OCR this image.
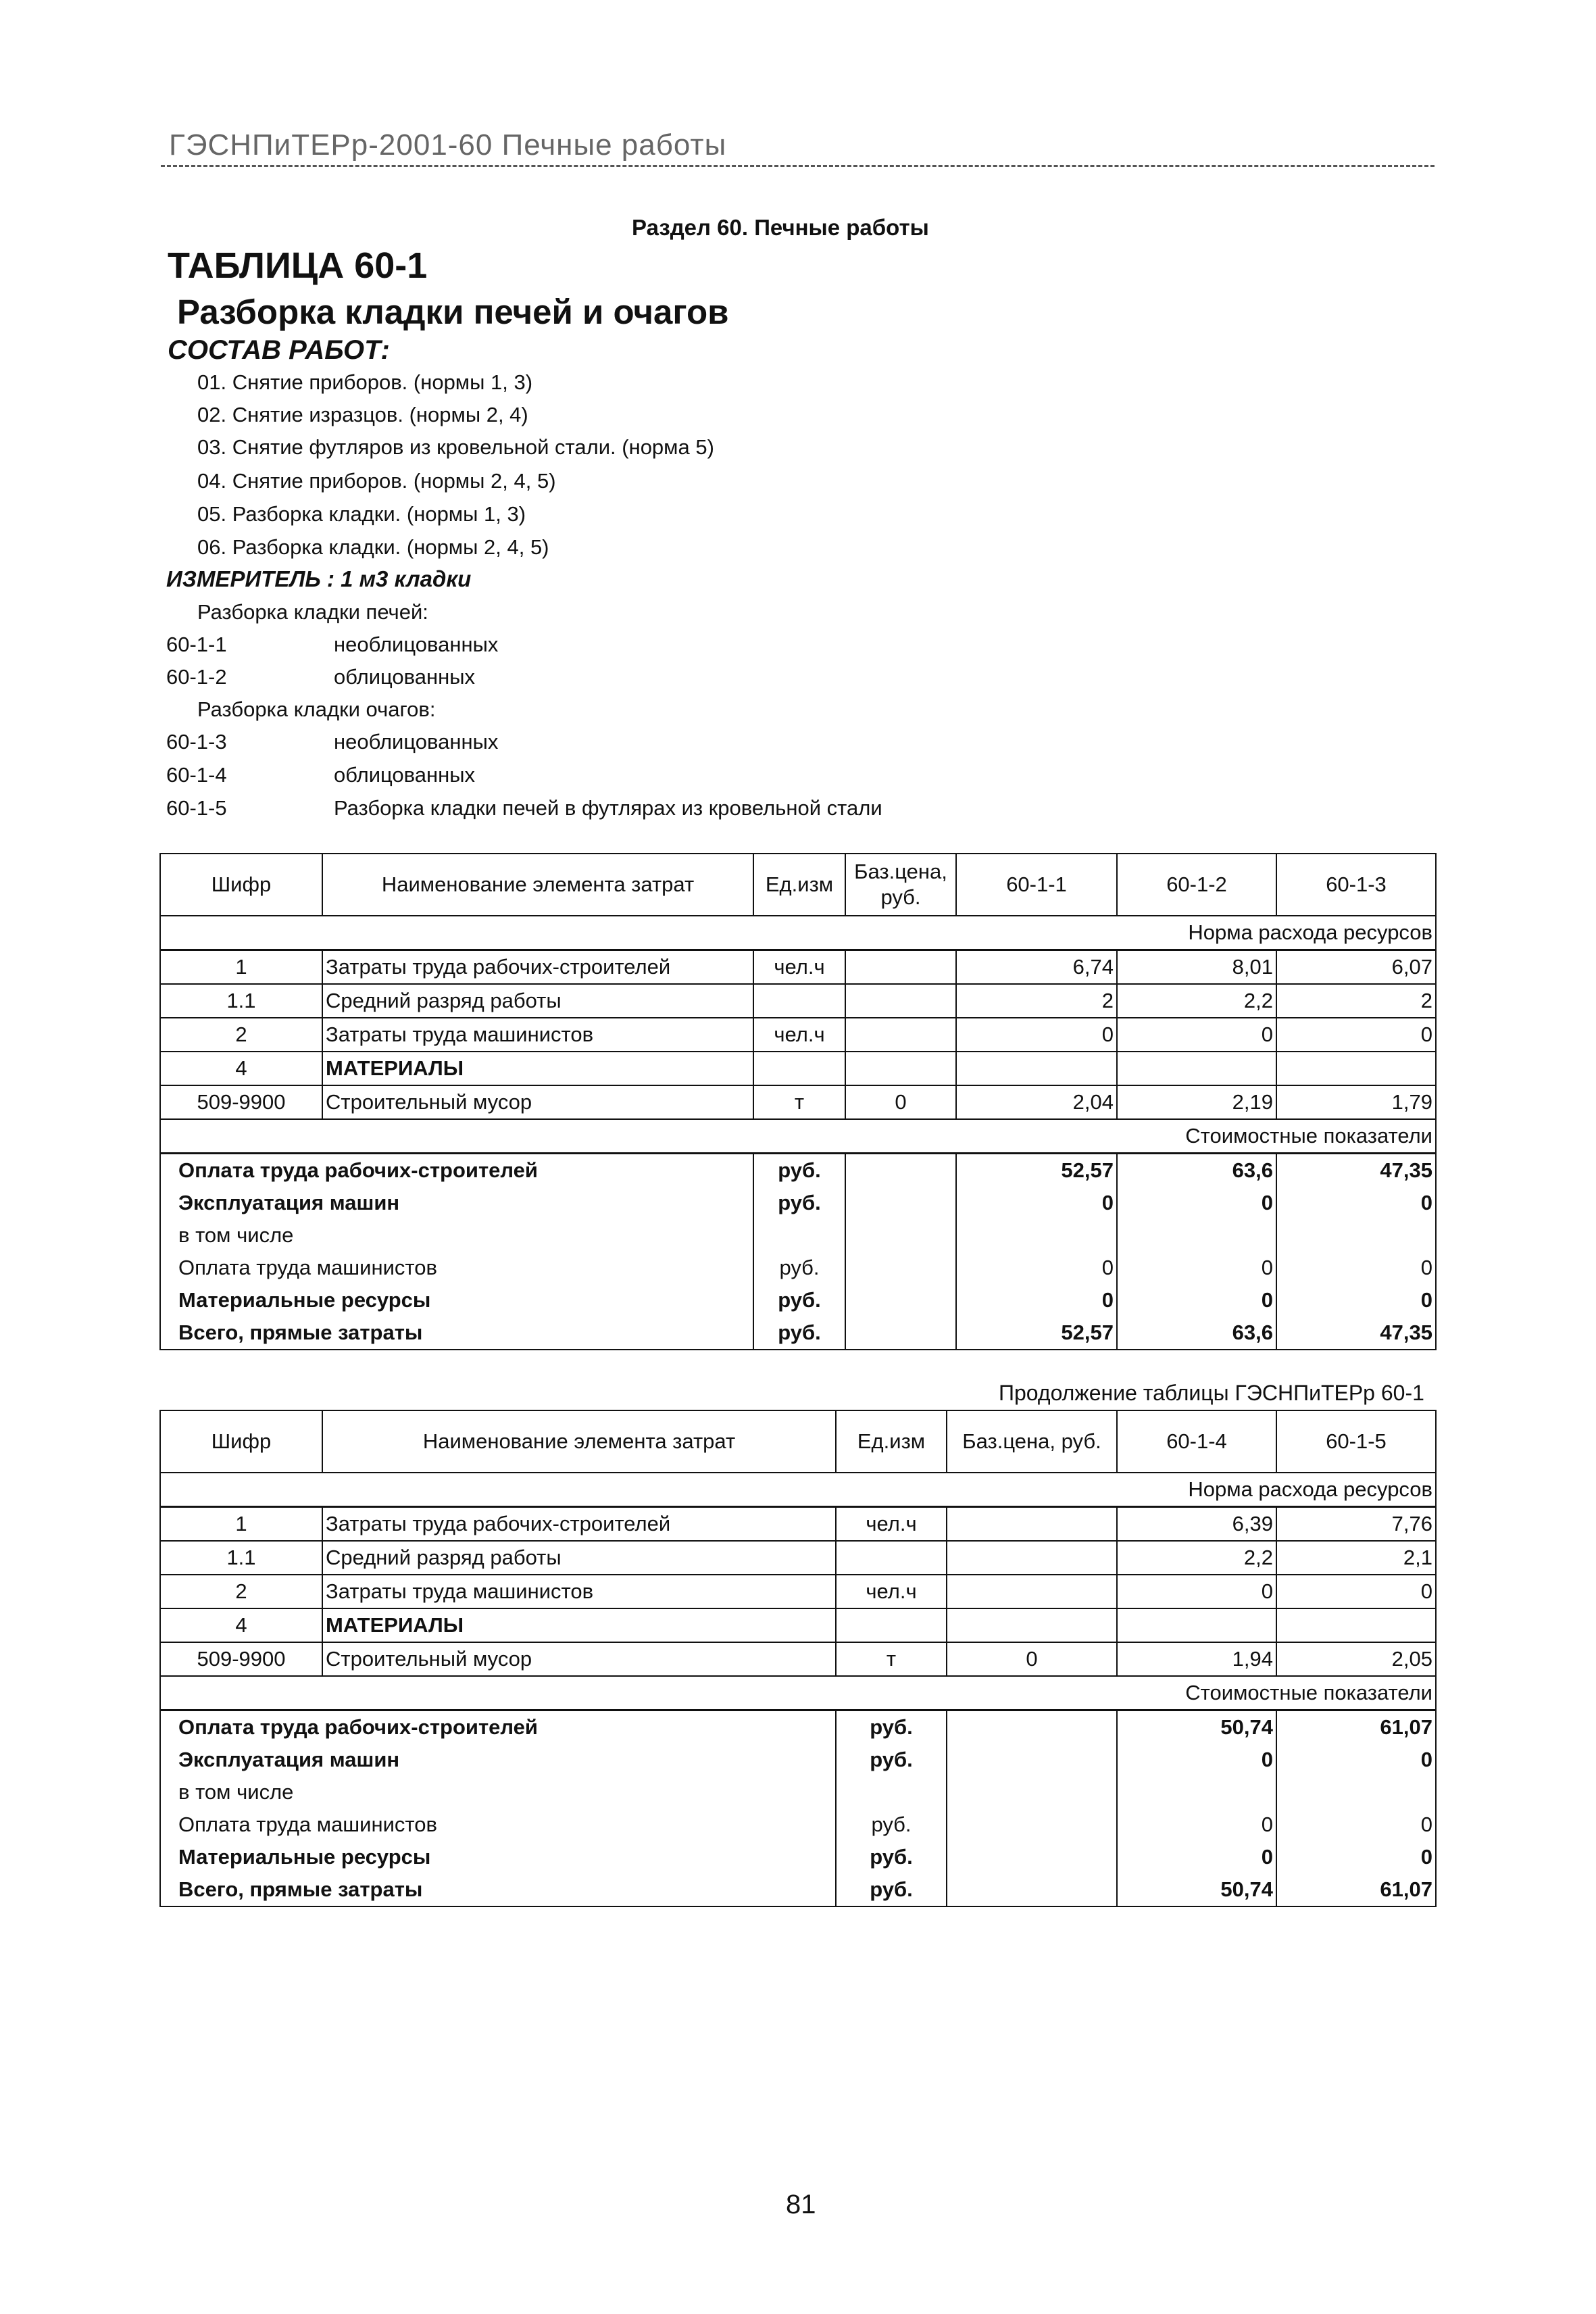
ГЭСНПиТЕРр-2001-60 Печные работы
Раздел 60. Печные работы
ТАБЛИЦА 60-1
Разборка кладки печей и очагов
СОСТАВ РАБОТ:
01. Снятие приборов. (нормы 1, 3)
02. Снятие изразцов. (нормы 2, 4)
03. Снятие футляров из кровельной стали. (норма 5)
04. Снятие приборов. (нормы 2, 4, 5)
05. Разборка кладки. (нормы 1, 3)
06. Разборка кладки. (нормы 2, 4, 5)
ИЗМЕРИТЕЛЬ : 1 м3 кладки
Разборка кладки печей:
60-1-1	необлицованных
60-1-2	облицованных
Разборка кладки очагов:
60-1-3	необлицованных
60-1-4	облицованных
60-1-5	Разборка кладки печей в футлярах из кровельной стали
Шифр	Наименование элемента затрат	Ед.изм	Баз.цена, руб.	60-1-1	60-1-2	60-1-3
Норма расхода ресурсов						
1	Затраты труда рабочих-строителей	чел.ч		6,74	8,01	6,07
1.1	Средний разряд работы			2	2,2	2
2	Затраты труда машинистов	чел.ч		0	0	0
4	МАТЕРИАЛЫ					
509-9900	Строительный мусор	т	0	2,04	2,19	1,79
Стоимостные показатели						
Оплата труда рабочих-строителей		руб.		52,57	63,6	47,35
Эксплуатация машин		руб.		0	0	0
в том числе						
Оплата труда машинистов		руб.		0	0	0
Материальные ресурсы		руб.		0	0	0
Всего, прямые затраты		руб.		52,57	63,6	47,35
Продолжение таблицы ГЭСНПиТЕРр 60-1
Шифр	Наименование элемента затрат	Ед.изм	Баз.цена, руб.	60-1-4	60-1-5
Норма расхода ресурсов					
1	Затраты труда рабочих-строителей	чел.ч		6,39	7,76
1.1	Средний разряд работы			2,2	2,1
2	Затраты труда машинистов	чел.ч		0	0
4	МАТЕРИАЛЫ				
509-9900	Строительный мусор	т	0	1,94	2,05
Стоимостные показатели					
Оплата труда рабочих-строителей		руб.		50,74	61,07
Эксплуатация машин		руб.		0	0
в том числе					
Оплата труда машинистов		руб.		0	0
Материальные ресурсы		руб.		0	0
Всего, прямые затраты		руб.		50,74	61,07
81
